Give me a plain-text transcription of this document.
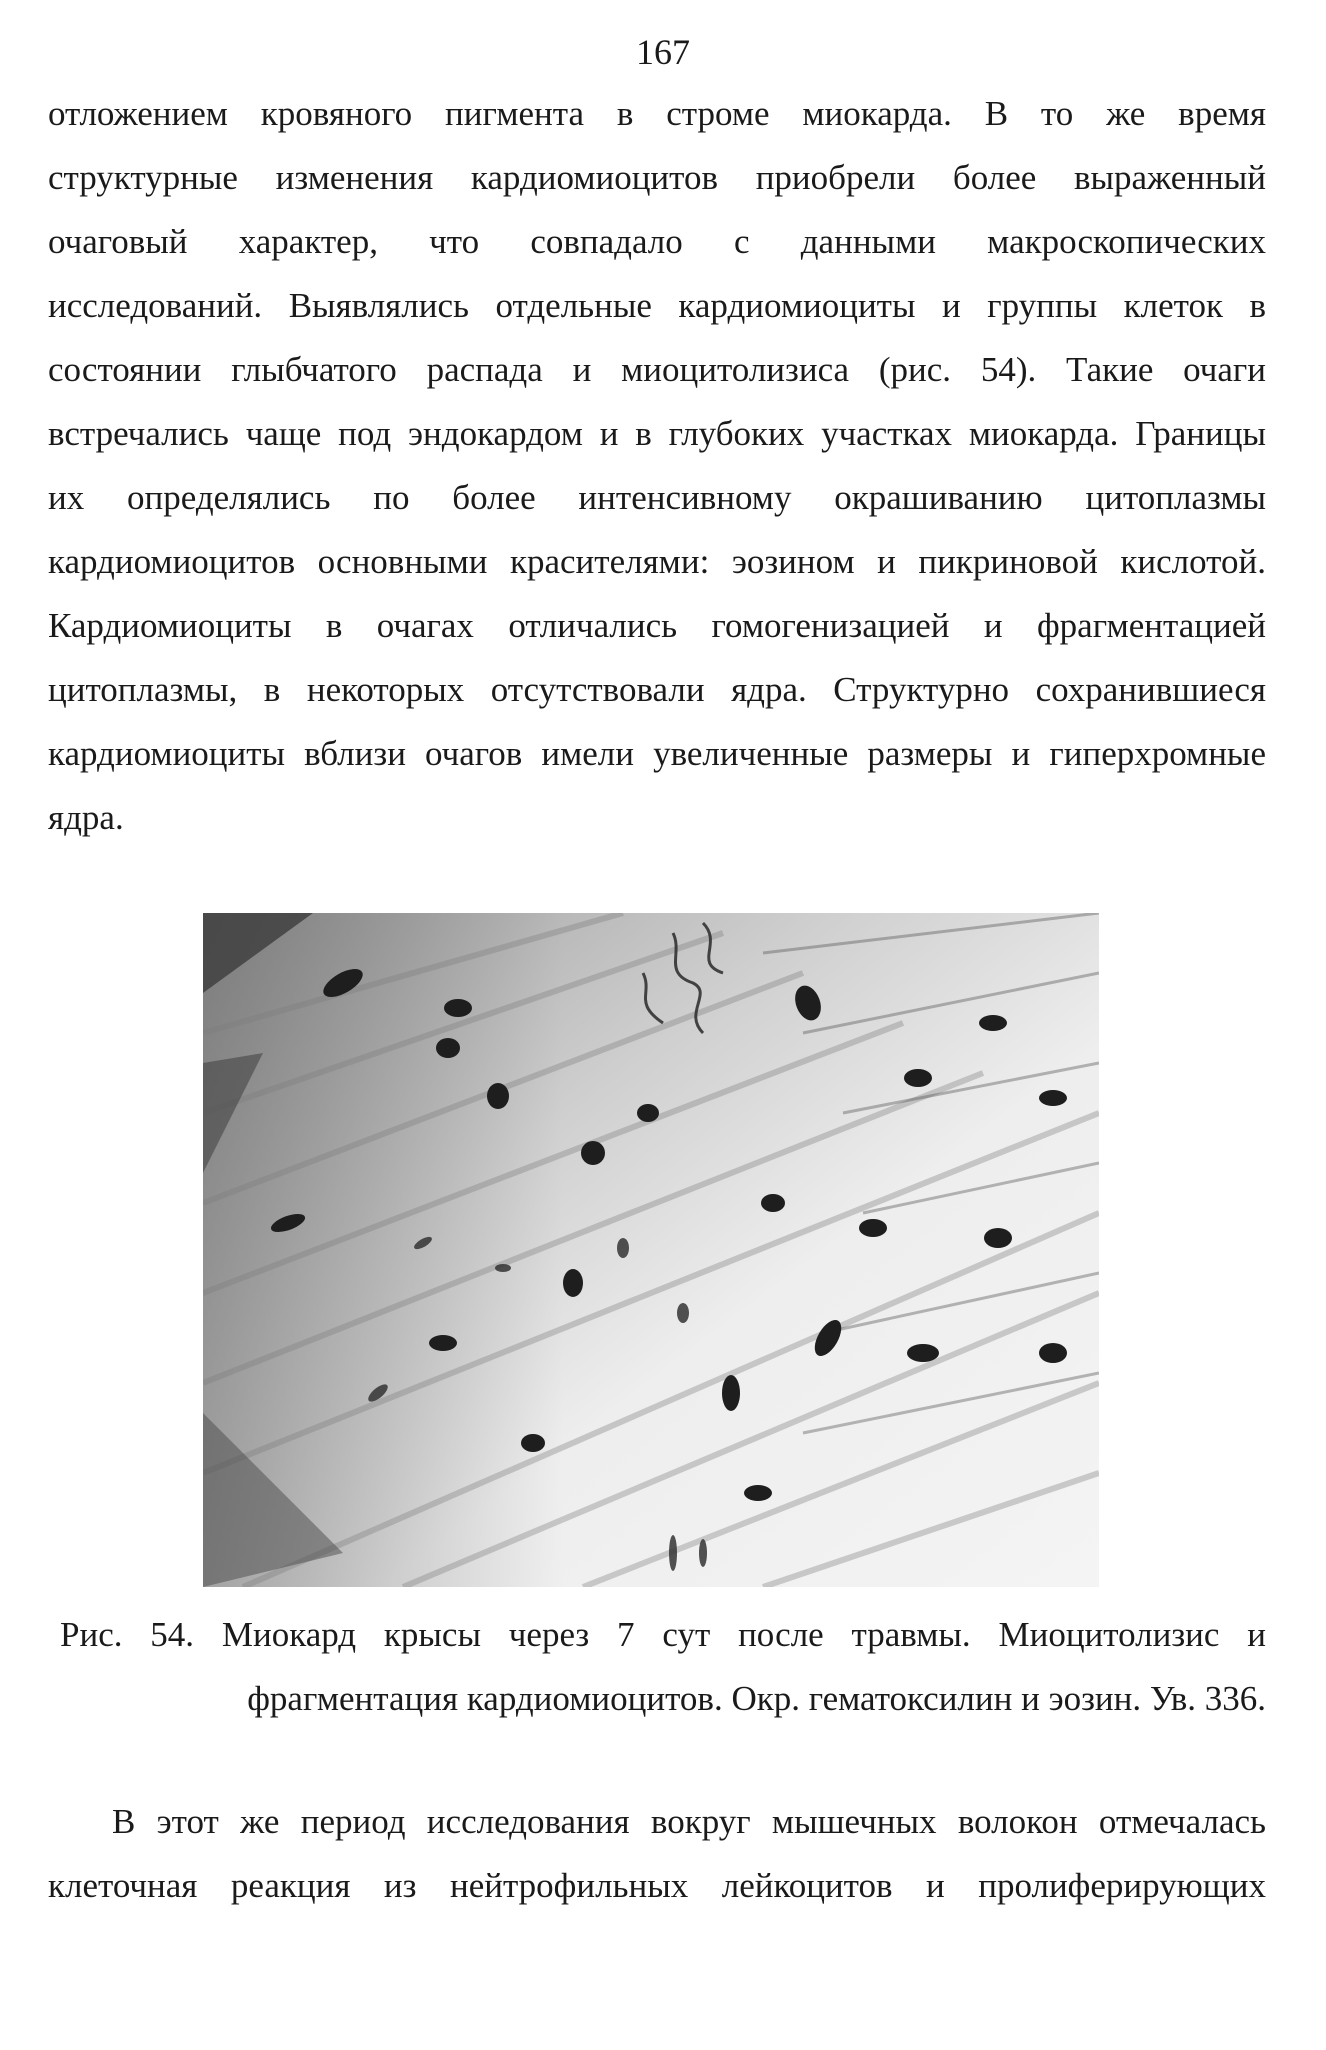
167
отложением кровяного пигмента в строме миокарда. В то же время
структурные изменения кардиомиоцитов приобрели более выраженный
очаговый характер, что совпадало с данными макроскопических
исследований. Выявлялись отдельные кардиомиоциты и группы клеток в
состоянии глыбчатого распада и миоцитолизиса (рис. 54). Такие очаги
встречались чаще под эндокардом и в глубоких участках миокарда. Границы
их определялись по более интенсивному окрашиванию цитоплазмы
кардиомиоцитов основными красителями: эозином и пикриновой кислотой.
Кардиомиоциты в очагах отличались гомогенизацией и фрагментацией
цитоплазмы, в некоторых отсутствовали ядра. Структурно сохранившиеся
кардиомиоциты вблизи очагов имели увеличенные размеры и гиперхромные
ядра.
Рис. 54. Миокард крысы через 7 сут после травмы. Миоцитолизис и
фрагментация кардиомиоцитов. Окр. гематоксилин и эозин. Ув. 336.
В этот же период исследования вокруг мышечных волокон отмечалась
клеточная реакция из нейтрофильных лейкоцитов и пролиферирующих
